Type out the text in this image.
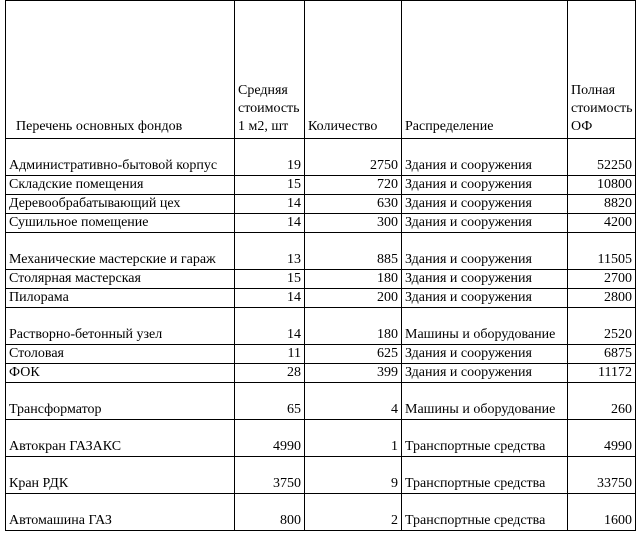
Перечень основных фондов	Средняя стоимость 1 м2, шт	Количество	Распределение	Полная стоимость ОФ
Административно-бытовой корпус	19	2750	Здания и сооружения	52250
Складские помещения	15	720	Здания и сооружения	10800
Деревообрабатывающий цех	14	630	Здания и сооружения	8820
Сушильное помещение	14	300	Здания и сооружения	4200
Механические мастерские и гараж	13	885	Здания и сооружения	11505
Столярная мастерская	15	180	Здания и сооружения	2700
Пилорама	14	200	Здания и сооружения	2800
Растворно-бетонный узел	14	180	Машины и оборудование	2520
Столовая	11	625	Здания и сооружения	6875
ФОК	28	399	Здания и сооружения	11172
Трансформатор	65	4	Машины и оборудование	260
Автокран ГАЗАКС	4990	1	Транспортные средства	4990
Кран РДК	3750	9	Транспортные средства	33750
Автомашина ГАЗ	800	2	Транспортные средства	1600
